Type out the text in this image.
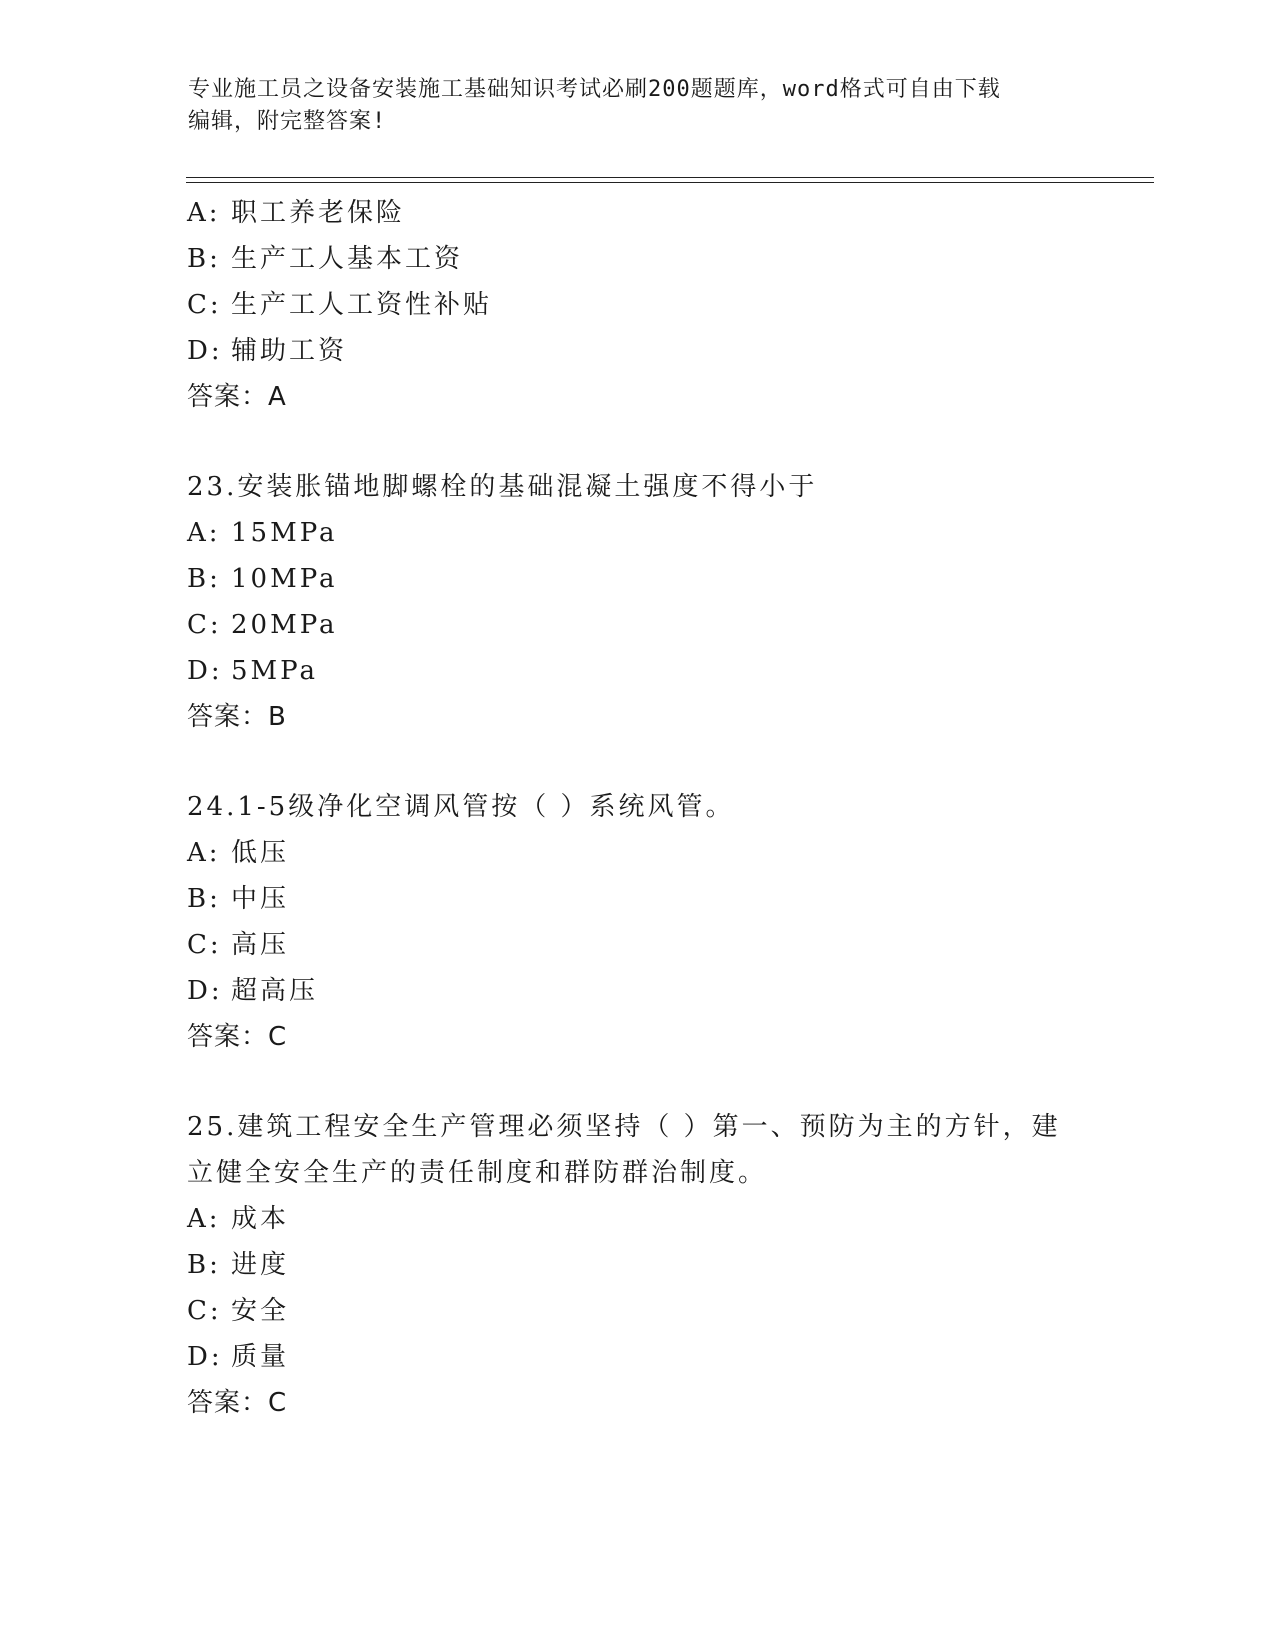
专业施工员之设备安装施工基础知识考试必刷200题题库，word格式可自由下载
编辑，附完整答案!
A: 职工养老保险
B: 生产工人基本工资
C: 生产工人工资性补贴
D: 辅助工资
答案：A
23.安装胀锚地脚螺栓的基础混凝土强度不得小于
A: 15MPa
B: 10MPa
C: 20MPa
D: 5MPa
答案：B
24.1-5级净化空调风管按（ ）系统风管。
A: 低压
B: 中压
C: 高压
D: 超高压
答案：C
25.建筑工程安全生产管理必须坚持（ ）第一、预防为主的方针，建
立健全安全生产的责任制度和群防群治制度。
A: 成本
B: 进度
C: 安全
D: 质量
答案：C
